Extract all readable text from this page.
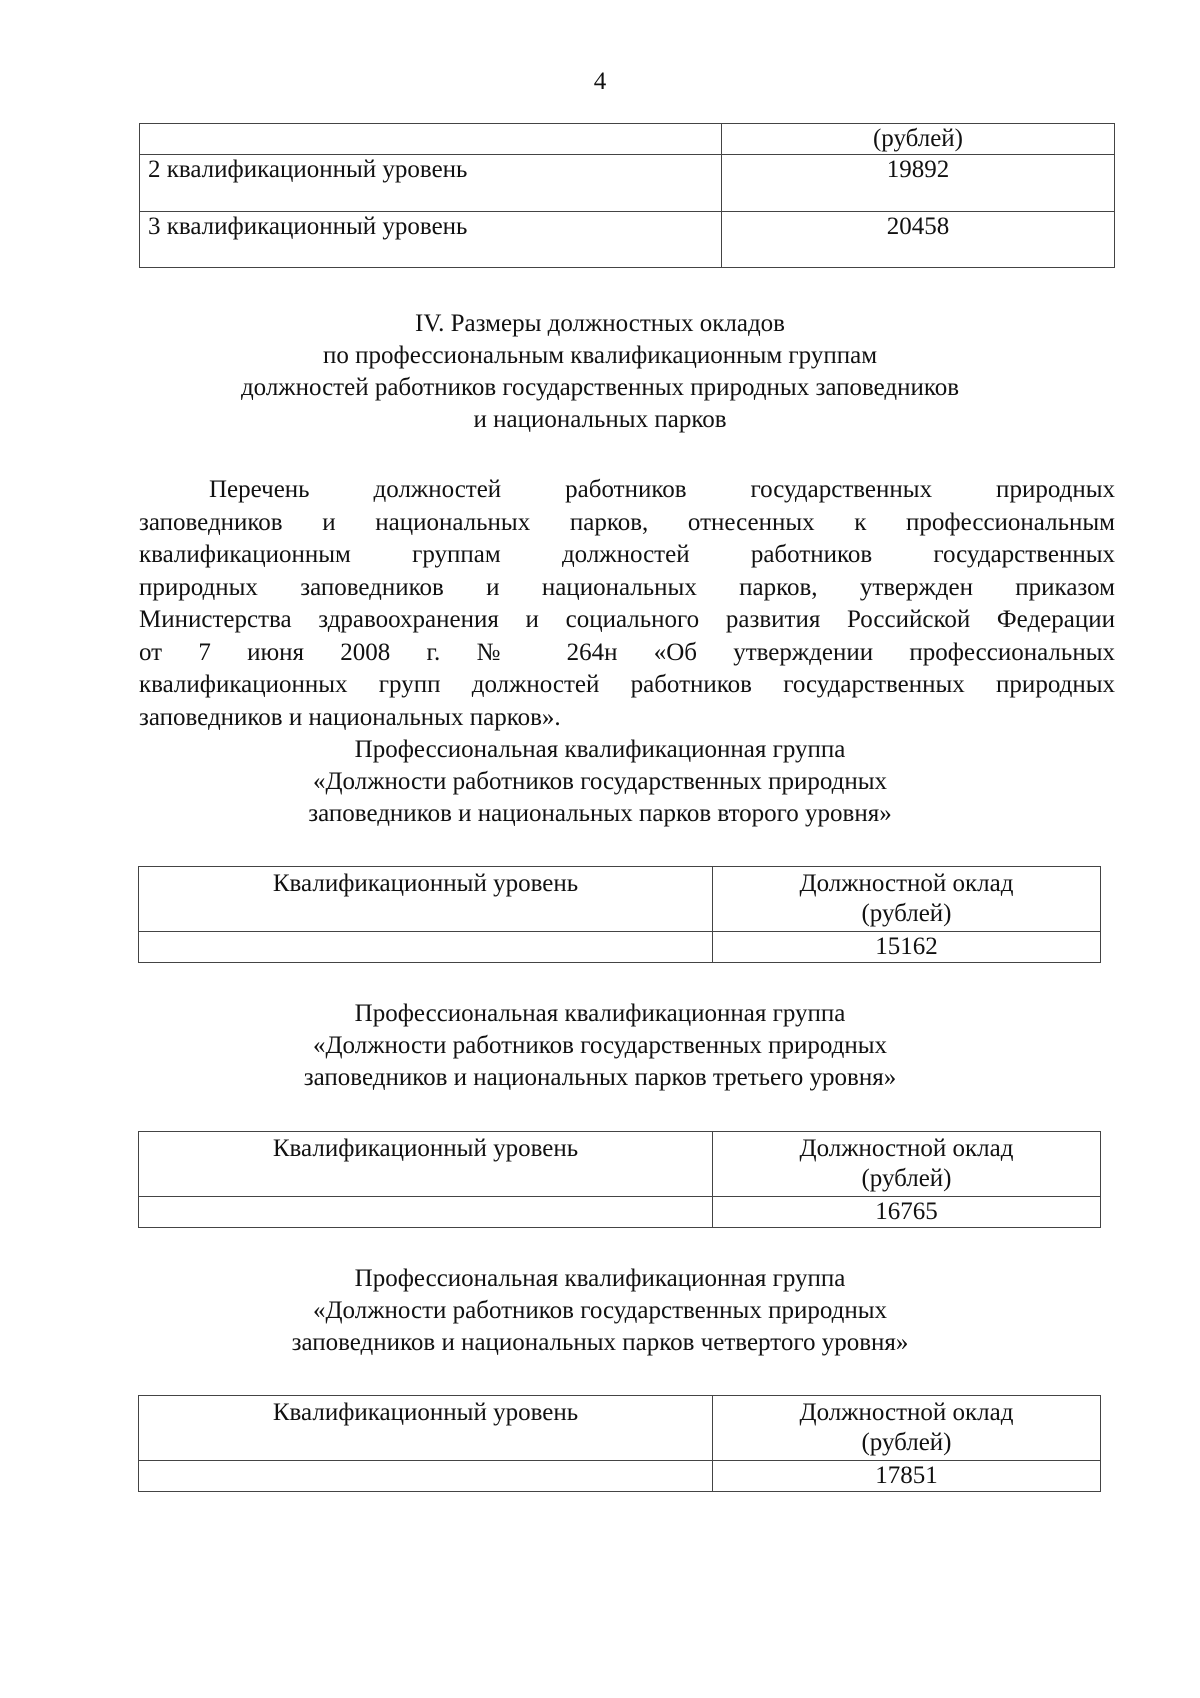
4
	(рублей)
2 квалификационный уровень	19892
3 квалификационный уровень	20458
IV. Размеры должностных окладов
по профессиональным квалификационным группам
должностей работников государственных природных заповедников
и национальных парков
Перечень должностей работников государственных природных
заповедников и национальных парков, отнесенных к профессиональным
квалификационным группам должностей работников государственных
природных заповедников и национальных парков, утвержден приказом
Министерства здравоохранения и социального развития Российской Федерации
от 7 июня 2008 г. № 264н «Об утверждении профессиональных
квалификационных групп должностей работников государственных природных
заповедников и национальных парков».
Профессиональная квалификационная группа
«Должности работников государственных природных
заповедников и национальных парков второго уровня»
Квалификационный уровень	Должностной оклад
(рублей)

	15162
Профессиональная квалификационная группа
«Должности работников государственных природных
заповедников и национальных парков третьего уровня»
Квалификационный уровень	Должностной оклад
(рублей)

	16765
Профессиональная квалификационная группа
«Должности работников государственных природных
заповедников и национальных парков четвертого уровня»
Квалификационный уровень	Должностной оклад
(рублей)

	17851
